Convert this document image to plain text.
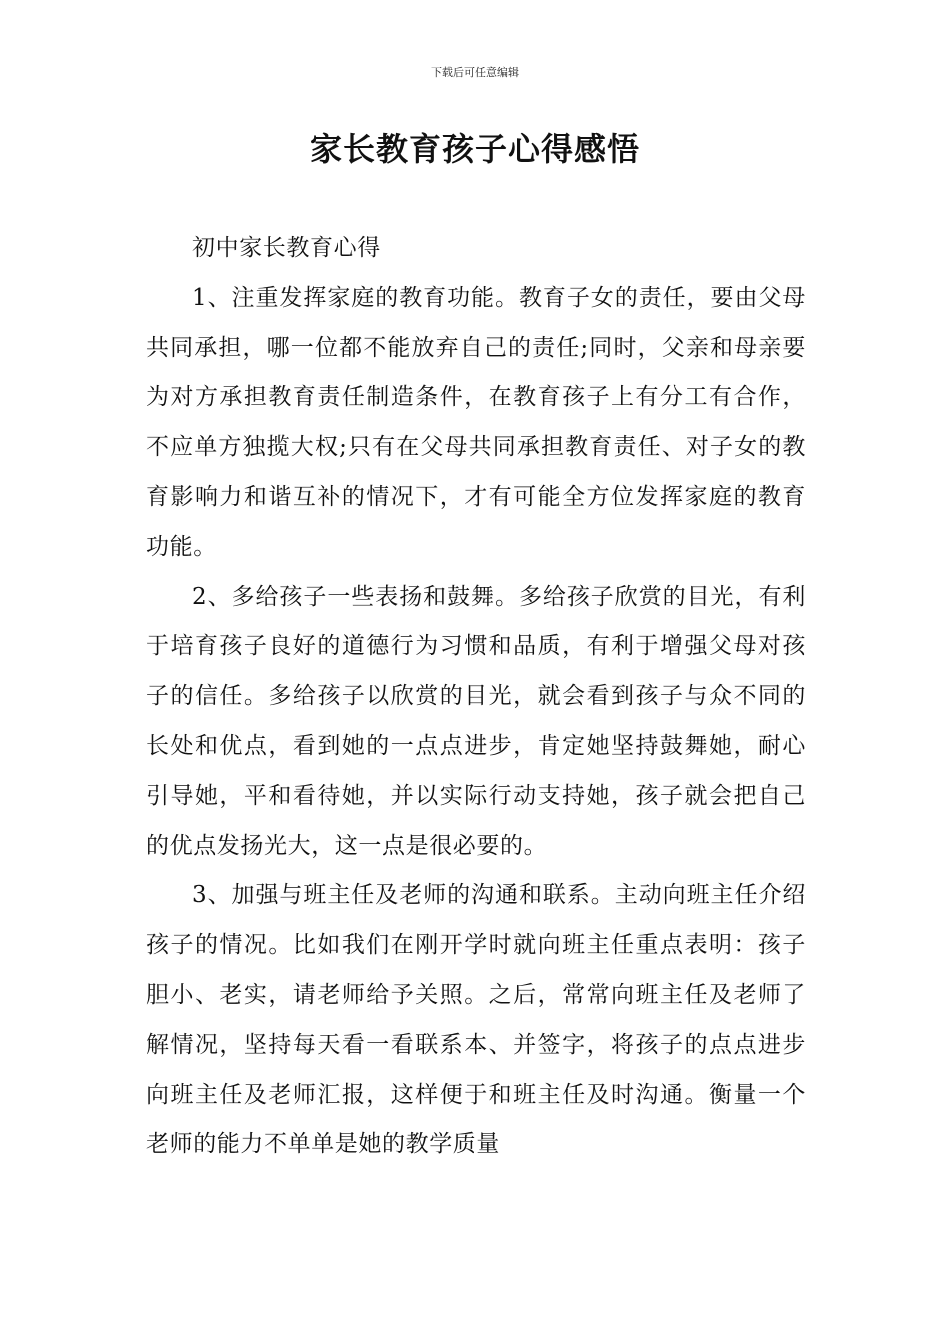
下载后可任意编辑
家长教育孩子心得感悟

初中家长教育心得

1、注重发挥家庭的教育功能。教育子女的责任，要由父母共同承担，哪一位都不能放弃自己的责任;同时，父亲和母亲要为对方承担教育责任制造条件，在教育孩子上有分工有合作，不应单方独揽大权;只有在父母共同承担教育责任、对子女的教育影响力和谐互补的情况下，才有可能全方位发挥家庭的教育功能。

2、多给孩子一些表扬和鼓舞。多给孩子欣赏的目光，有利于培育孩子良好的道德行为习惯和品质，有利于增强父母对孩子的信任。多给孩子以欣赏的目光，就会看到孩子与众不同的长处和优点，看到她的一点点进步，肯定她坚持鼓舞她，耐心引导她，平和看待她，并以实际行动支持她，孩子就会把自己的优点发扬光大，这一点是很必要的。

3、加强与班主任及老师的沟通和联系。主动向班主任介绍孩子的情况。比如我们在刚开学时就向班主任重点表明：孩子胆小、老实，请老师给予关照。之后，常常向班主任及老师了解情况，坚持每天看一看联系本、并签字，将孩子的点点进步向班主任及老师汇报，这样便于和班主任及时沟通。衡量一个老师的能力不单单是她的教学质量
